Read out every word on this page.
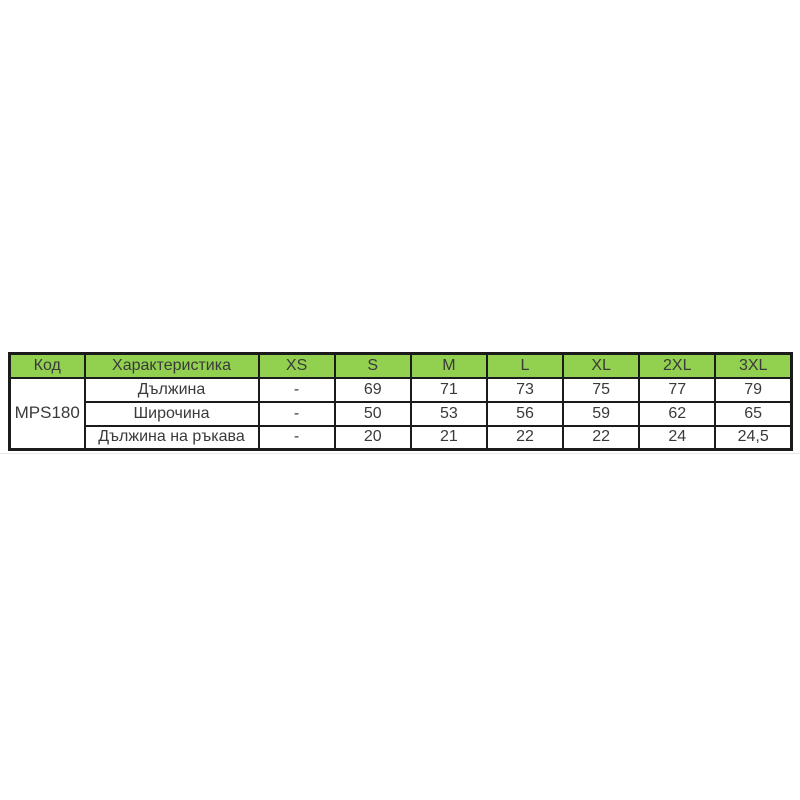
Код	Характеристика	XS	S	M	L	XL	2XL	3XL
MPS180	Дължина	-	69	71	73	75	77	79
	Широчина	-	50	53	56	59	62	65
	Дължина на ръкава	-	20	21	22	22	24	24,5
